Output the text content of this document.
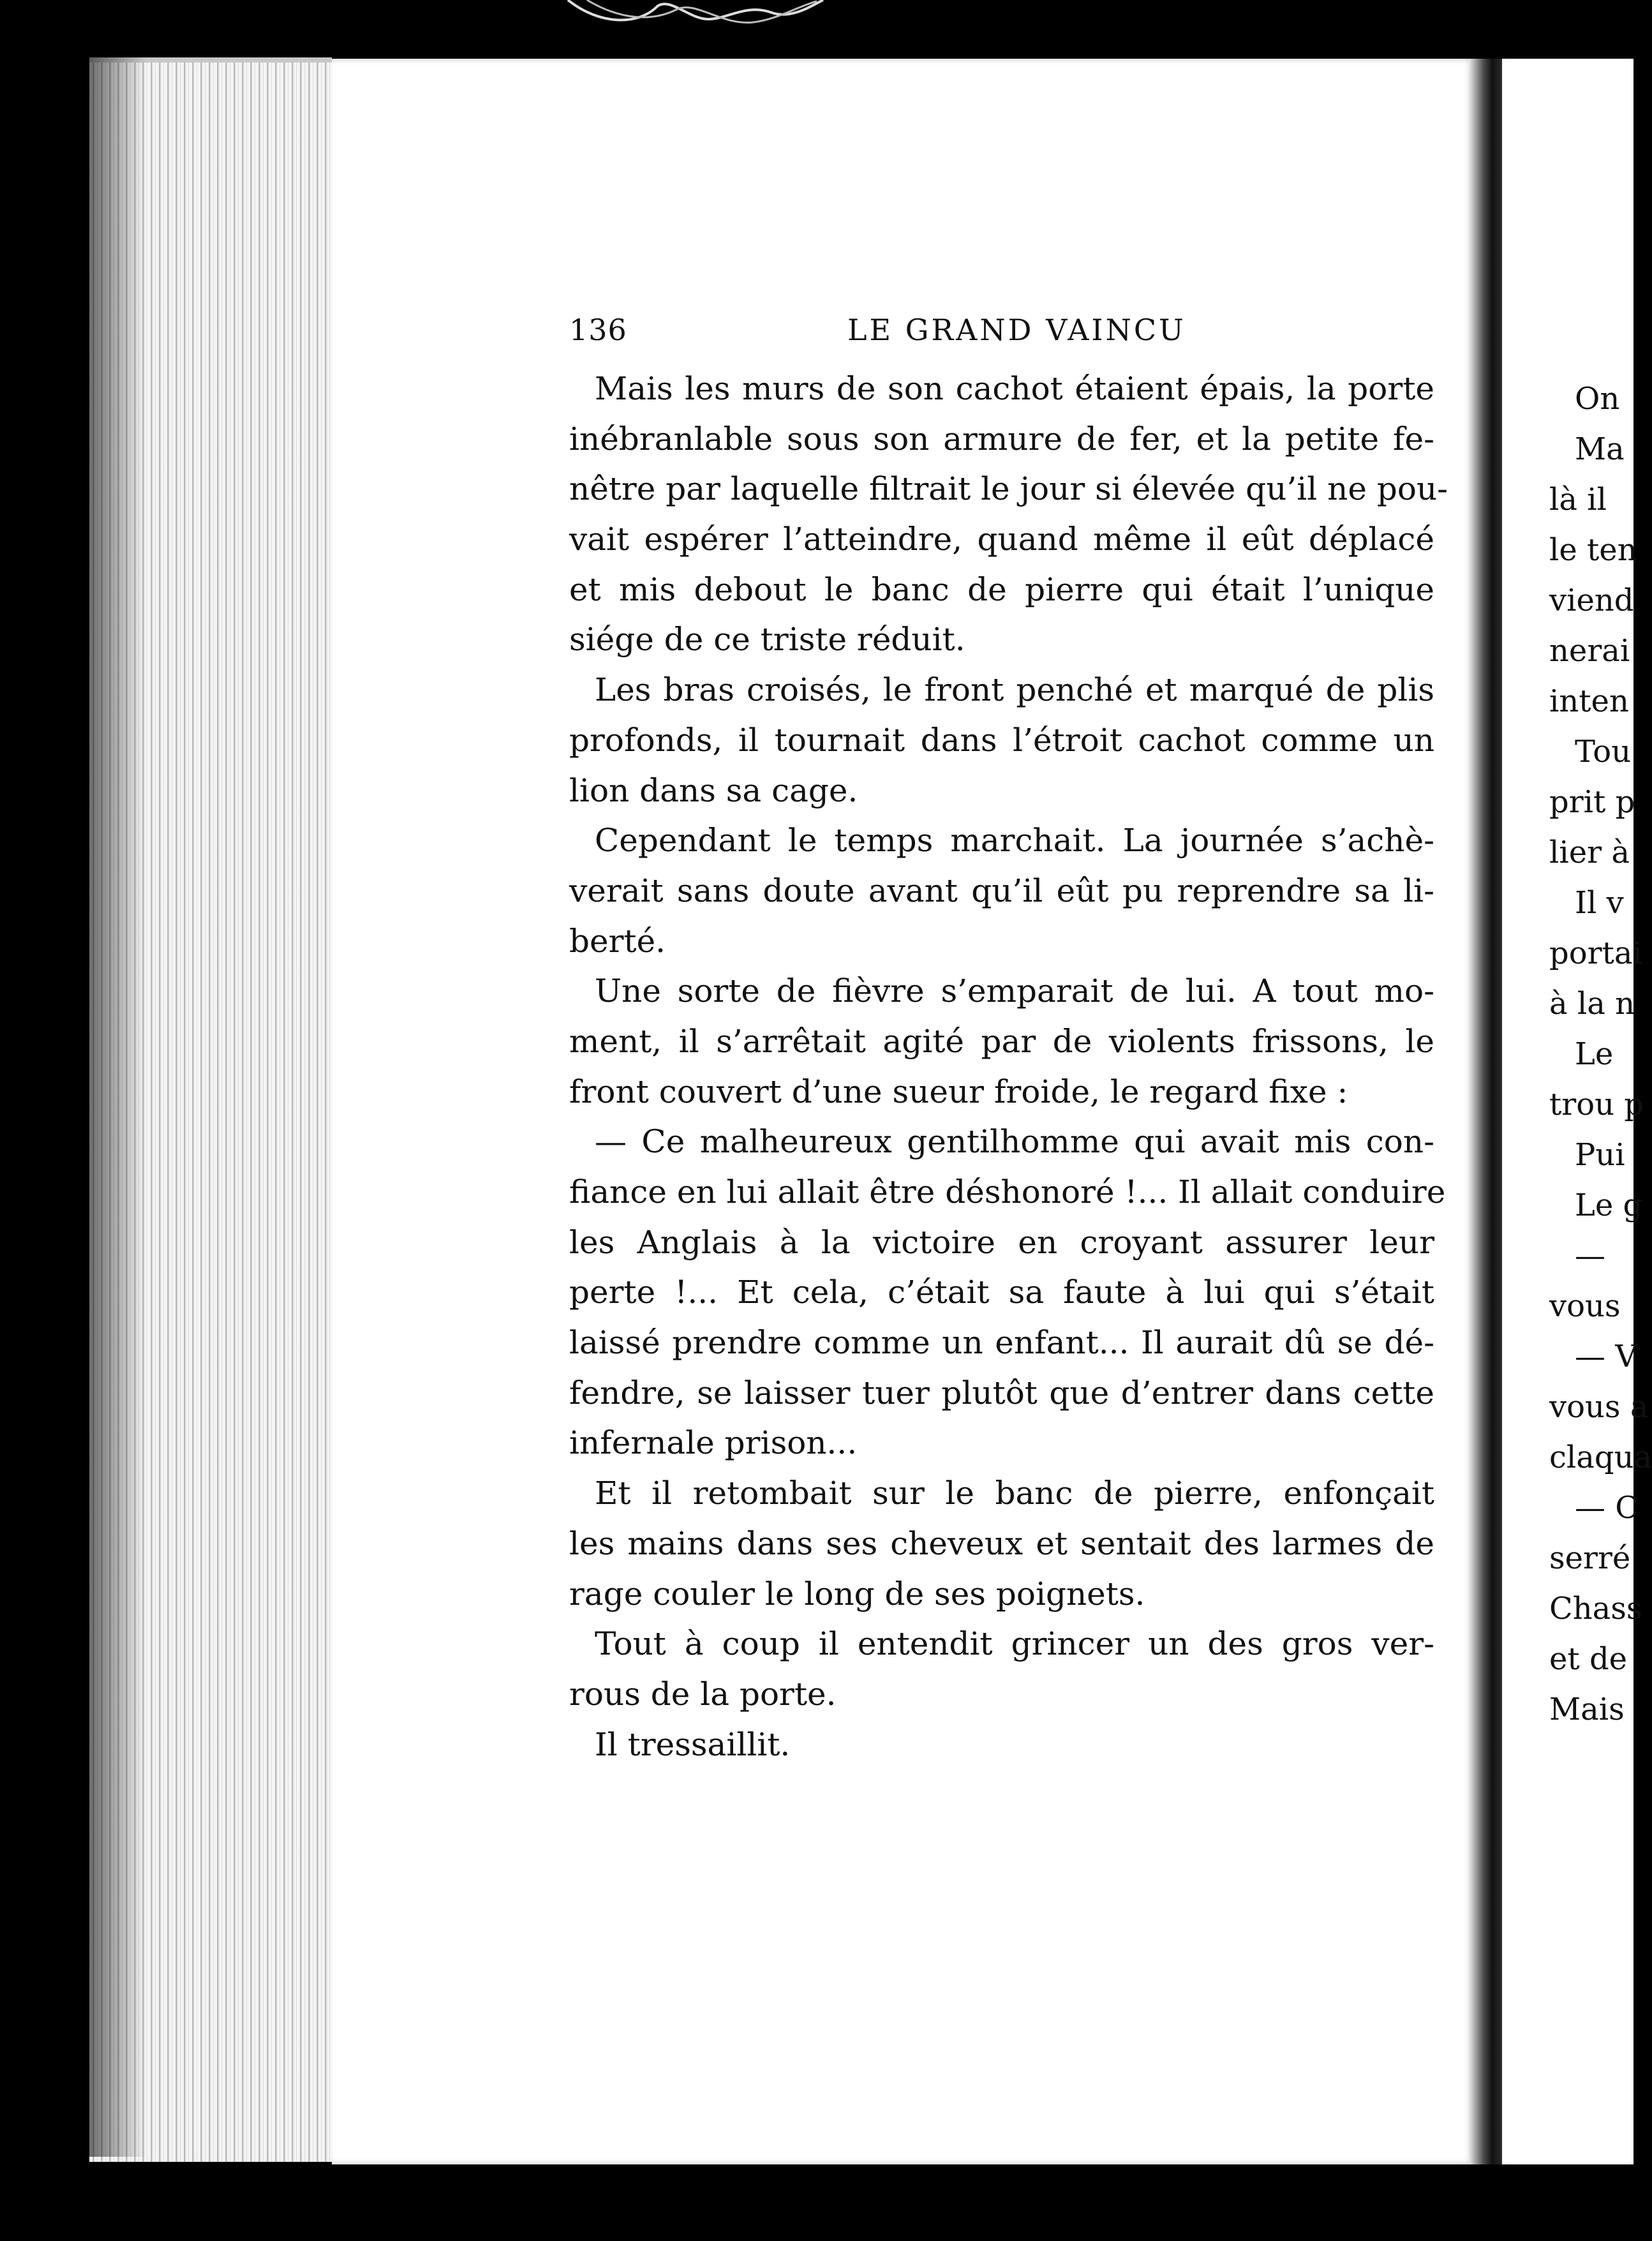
136	LE GRAND VAINCU
Mais les murs de son cachot étaient épais, la porte
inébranlable sous son armure de fer, et la petite fe-
nêtre par laquelle filtrait le jour si élevée qu’il ne pou-
vait espérer l’atteindre, quand même il eût déplacé
et mis debout le banc de pierre qui était l’unique
siége de ce triste réduit.
Les bras croisés, le front penché et marqué de plis
profonds, il tournait dans l’étroit cachot comme un
lion dans sa cage.
Cependant le temps marchait. La journée s’achè-
verait sans doute avant qu’il eût pu reprendre sa li-
berté.
Une sorte de fièvre s’emparait de lui. A tout mo-
ment, il s’arrêtait agité par de violents frissons, le
front couvert d’une sueur froide, le regard fixe :
— Ce malheureux gentilhomme qui avait mis con-
fiance en lui allait être déshonoré !... Il allait conduire
les Anglais à la victoire en croyant assurer leur
perte !... Et cela, c’était sa faute à lui qui s’était
laissé prendre comme un enfant... Il aurait dû se dé-
fendre, se laisser tuer plutôt que d’entrer dans cette
infernale prison...
Et il retombait sur le banc de pierre, enfonçait
les mains dans ses cheveux et sentait des larmes de
rage couler le long de ses poignets.
Tout à coup il entendit grincer un des gros ver-
rous de la porte.
Il tressaillit.
On
Ma
là il
le ten
viend
nerai
inten
Tou
prit p
lier à
Il v
portai
à la n
Le
trou p
Pui
Le g
—
vous
— V
vous a
claqua
— C
serré
Chass
et de
Mais
